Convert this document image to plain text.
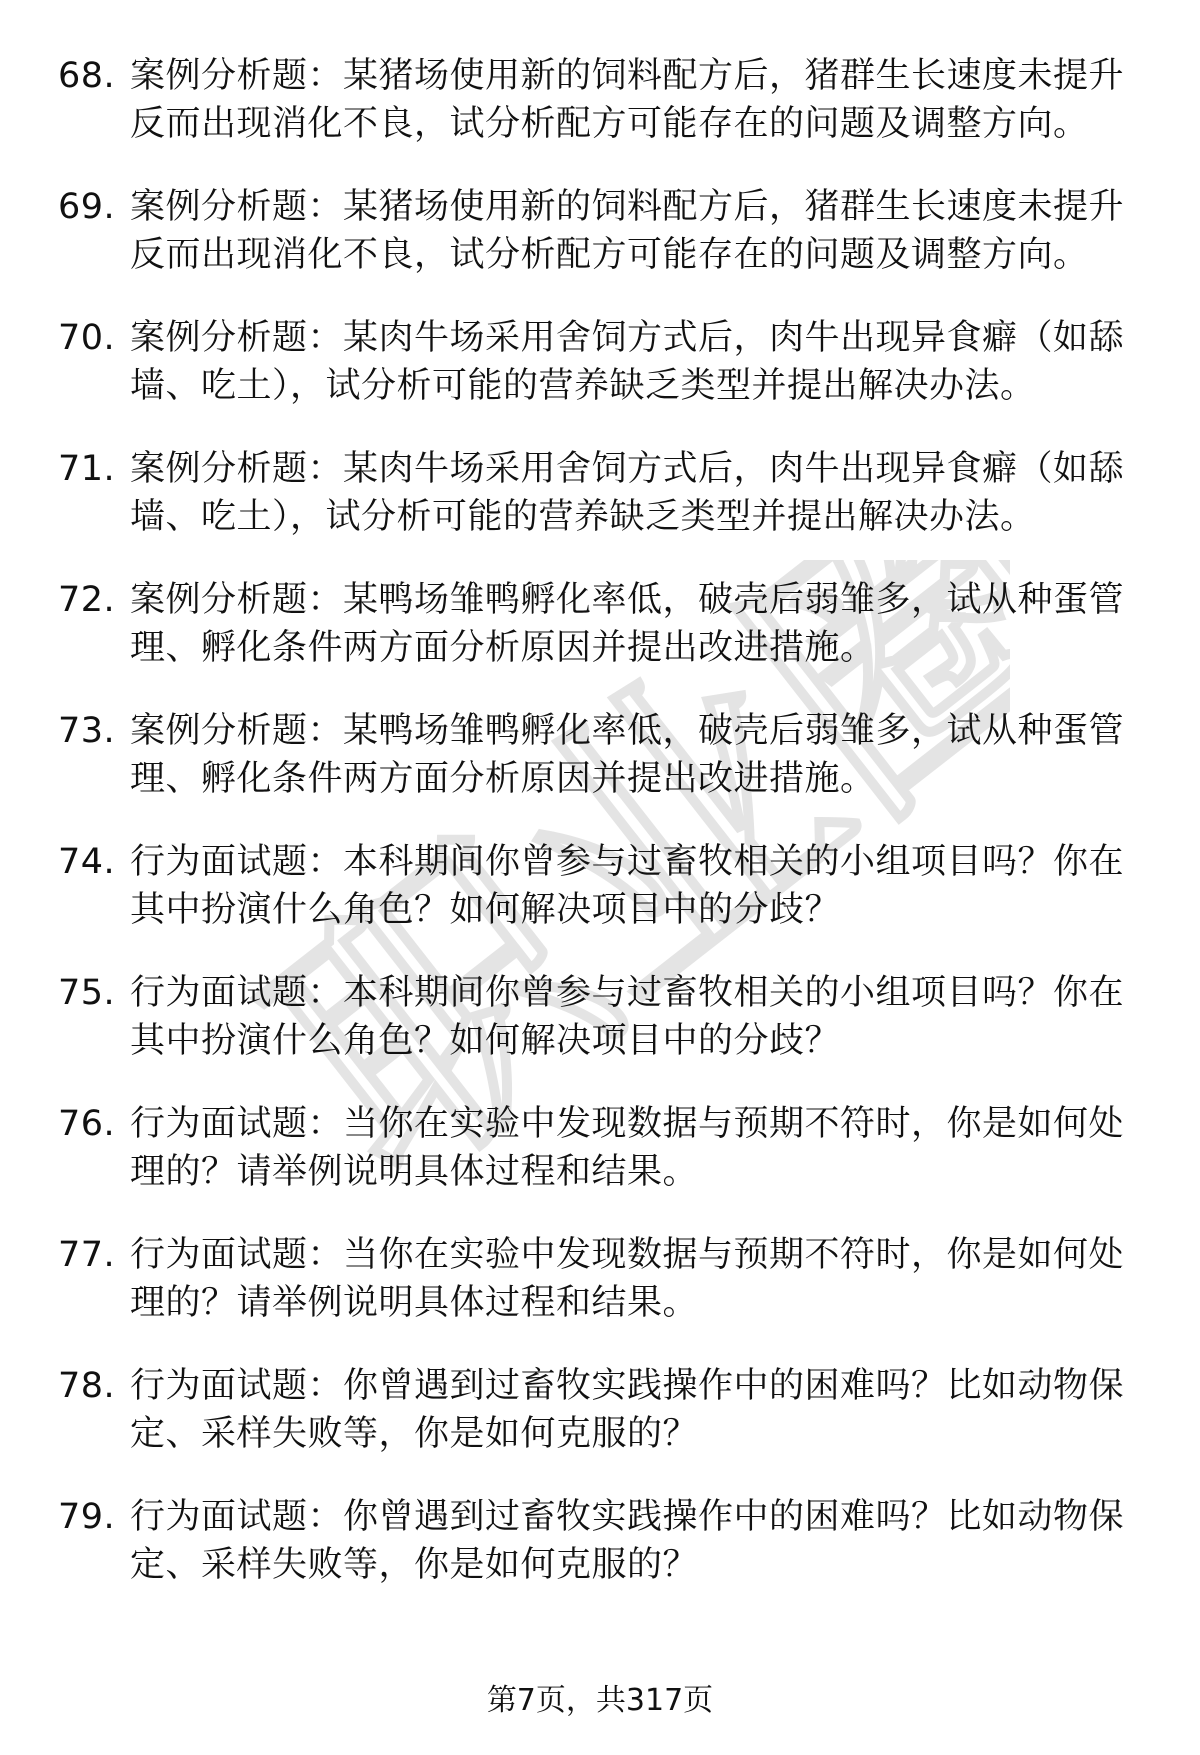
职业圈
68. 案例分析题：某猪场使用新的饲料配方后，猪群生长速度未提升反而出现消化不良，试分析配方可能存在的问题及调整方向。
69. 案例分析题：某猪场使用新的饲料配方后，猪群生长速度未提升反而出现消化不良，试分析配方可能存在的问题及调整方向。
70. 案例分析题：某肉牛场采用舍饲方式后，肉牛出现异食癖（如舔墙、吃土），试分析可能的营养缺乏类型并提出解决办法。
71. 案例分析题：某肉牛场采用舍饲方式后，肉牛出现异食癖（如舔墙、吃土），试分析可能的营养缺乏类型并提出解决办法。
72. 案例分析题：某鸭场雏鸭孵化率低，破壳后弱雏多，试从种蛋管理、孵化条件两方面分析原因并提出改进措施。
73. 案例分析题：某鸭场雏鸭孵化率低，破壳后弱雏多，试从种蛋管理、孵化条件两方面分析原因并提出改进措施。
74. 行为面试题：本科期间你曾参与过畜牧相关的小组项目吗？你在其中扮演什么角色？如何解决项目中的分歧？
75. 行为面试题：本科期间你曾参与过畜牧相关的小组项目吗？你在其中扮演什么角色？如何解决项目中的分歧？
76. 行为面试题：当你在实验中发现数据与预期不符时，你是如何处理的？请举例说明具体过程和结果。
77. 行为面试题：当你在实验中发现数据与预期不符时，你是如何处理的？请举例说明具体过程和结果。
78. 行为面试题：你曾遇到过畜牧实践操作中的困难吗？比如动物保定、采样失败等，你是如何克服的？
79. 行为面试题：你曾遇到过畜牧实践操作中的困难吗？比如动物保定、采样失败等，你是如何克服的？
第7页，共317页
